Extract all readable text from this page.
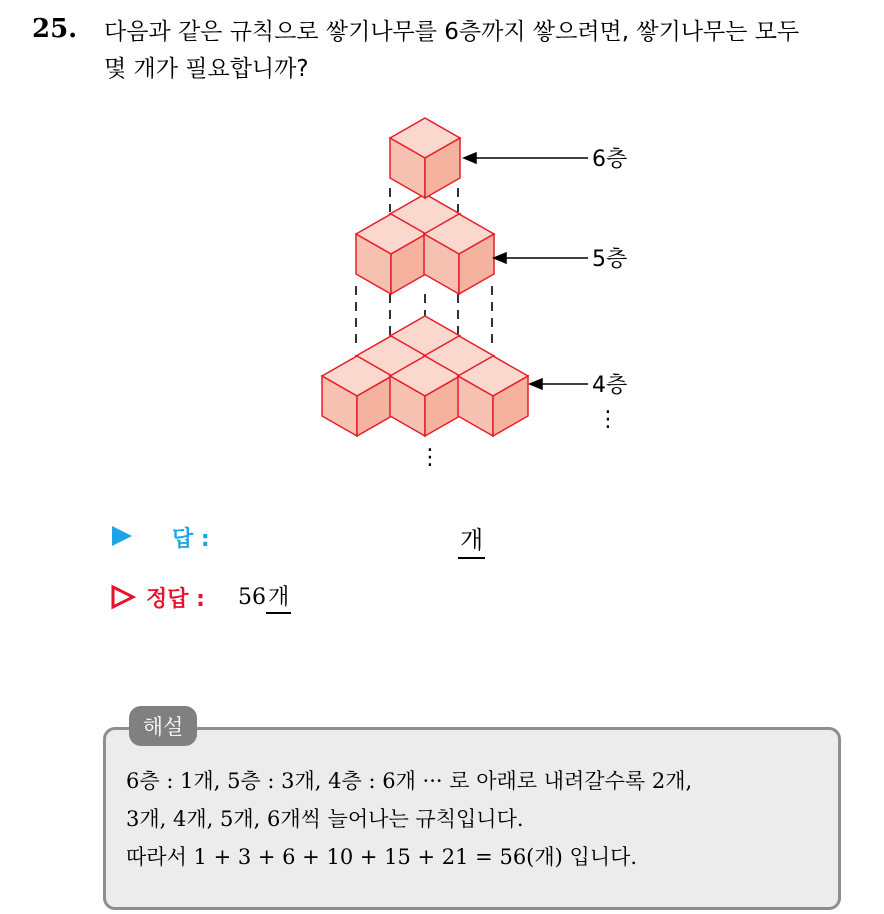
25. 다음과 같은 규칙으로 쌓기나무를 6층까지 쌓으려면, 쌓기나무는 모두
몇 개가 필요합니까?
6층
5층
4층
⋮
⋮
답 :	개
정답 : 56개
해설
6층 : 1개, 5층 : 3개, 4층 : 6개 ··· 로 아래로 내려갈수록 2개,
3개, 4개, 5개, 6개씩 늘어나는 규칙입니다.
따라서 1 + 3 + 6 + 10 + 15 + 21 = 56(개) 입니다.
